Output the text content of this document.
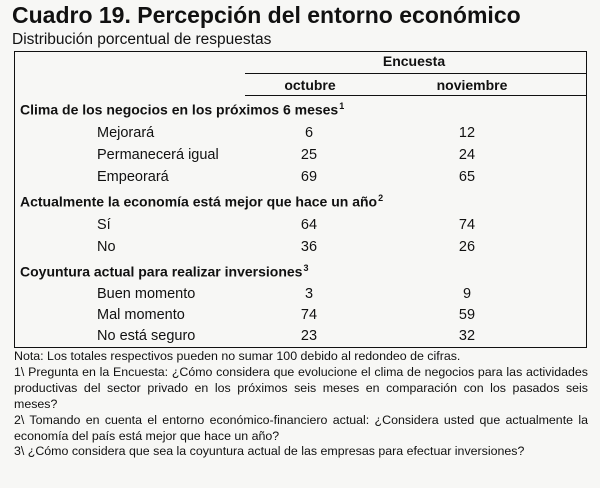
Cuadro 19. Percepción del entorno económico
Distribución porcentual de respuestas
Encuesta
octubre	noviembre
Clima de los negocios en los próximos 6 meses$^1$
Mejorará	6	12
Permanecerá igual	25	24
Empeorará	69	65
Actualmente la economía está mejor que hace un año$^2$
Sí	64	74
No	36	26
Coyuntura actual para realizar inversiones$^3$
Buen momento	3	9
Mal momento	74	59
No está seguro	23	32

Nota: Los totales respectivos pueden no sumar 100 debido al redondeo de cifras.

1\ Pregunta en la Encuesta: ¿Cómo considera que evolucione el clima de negocios para las actividades productivas del sector privado en los próximos seis meses en comparación con los pasados seis meses?

2\ Tomando en cuenta el entorno económico-financiero actual: ¿Considera usted que actualmente la economía del país está mejor que hace un año?

3\ ¿Cómo considera que sea la coyuntura actual de las empresas para efectuar inversiones?
